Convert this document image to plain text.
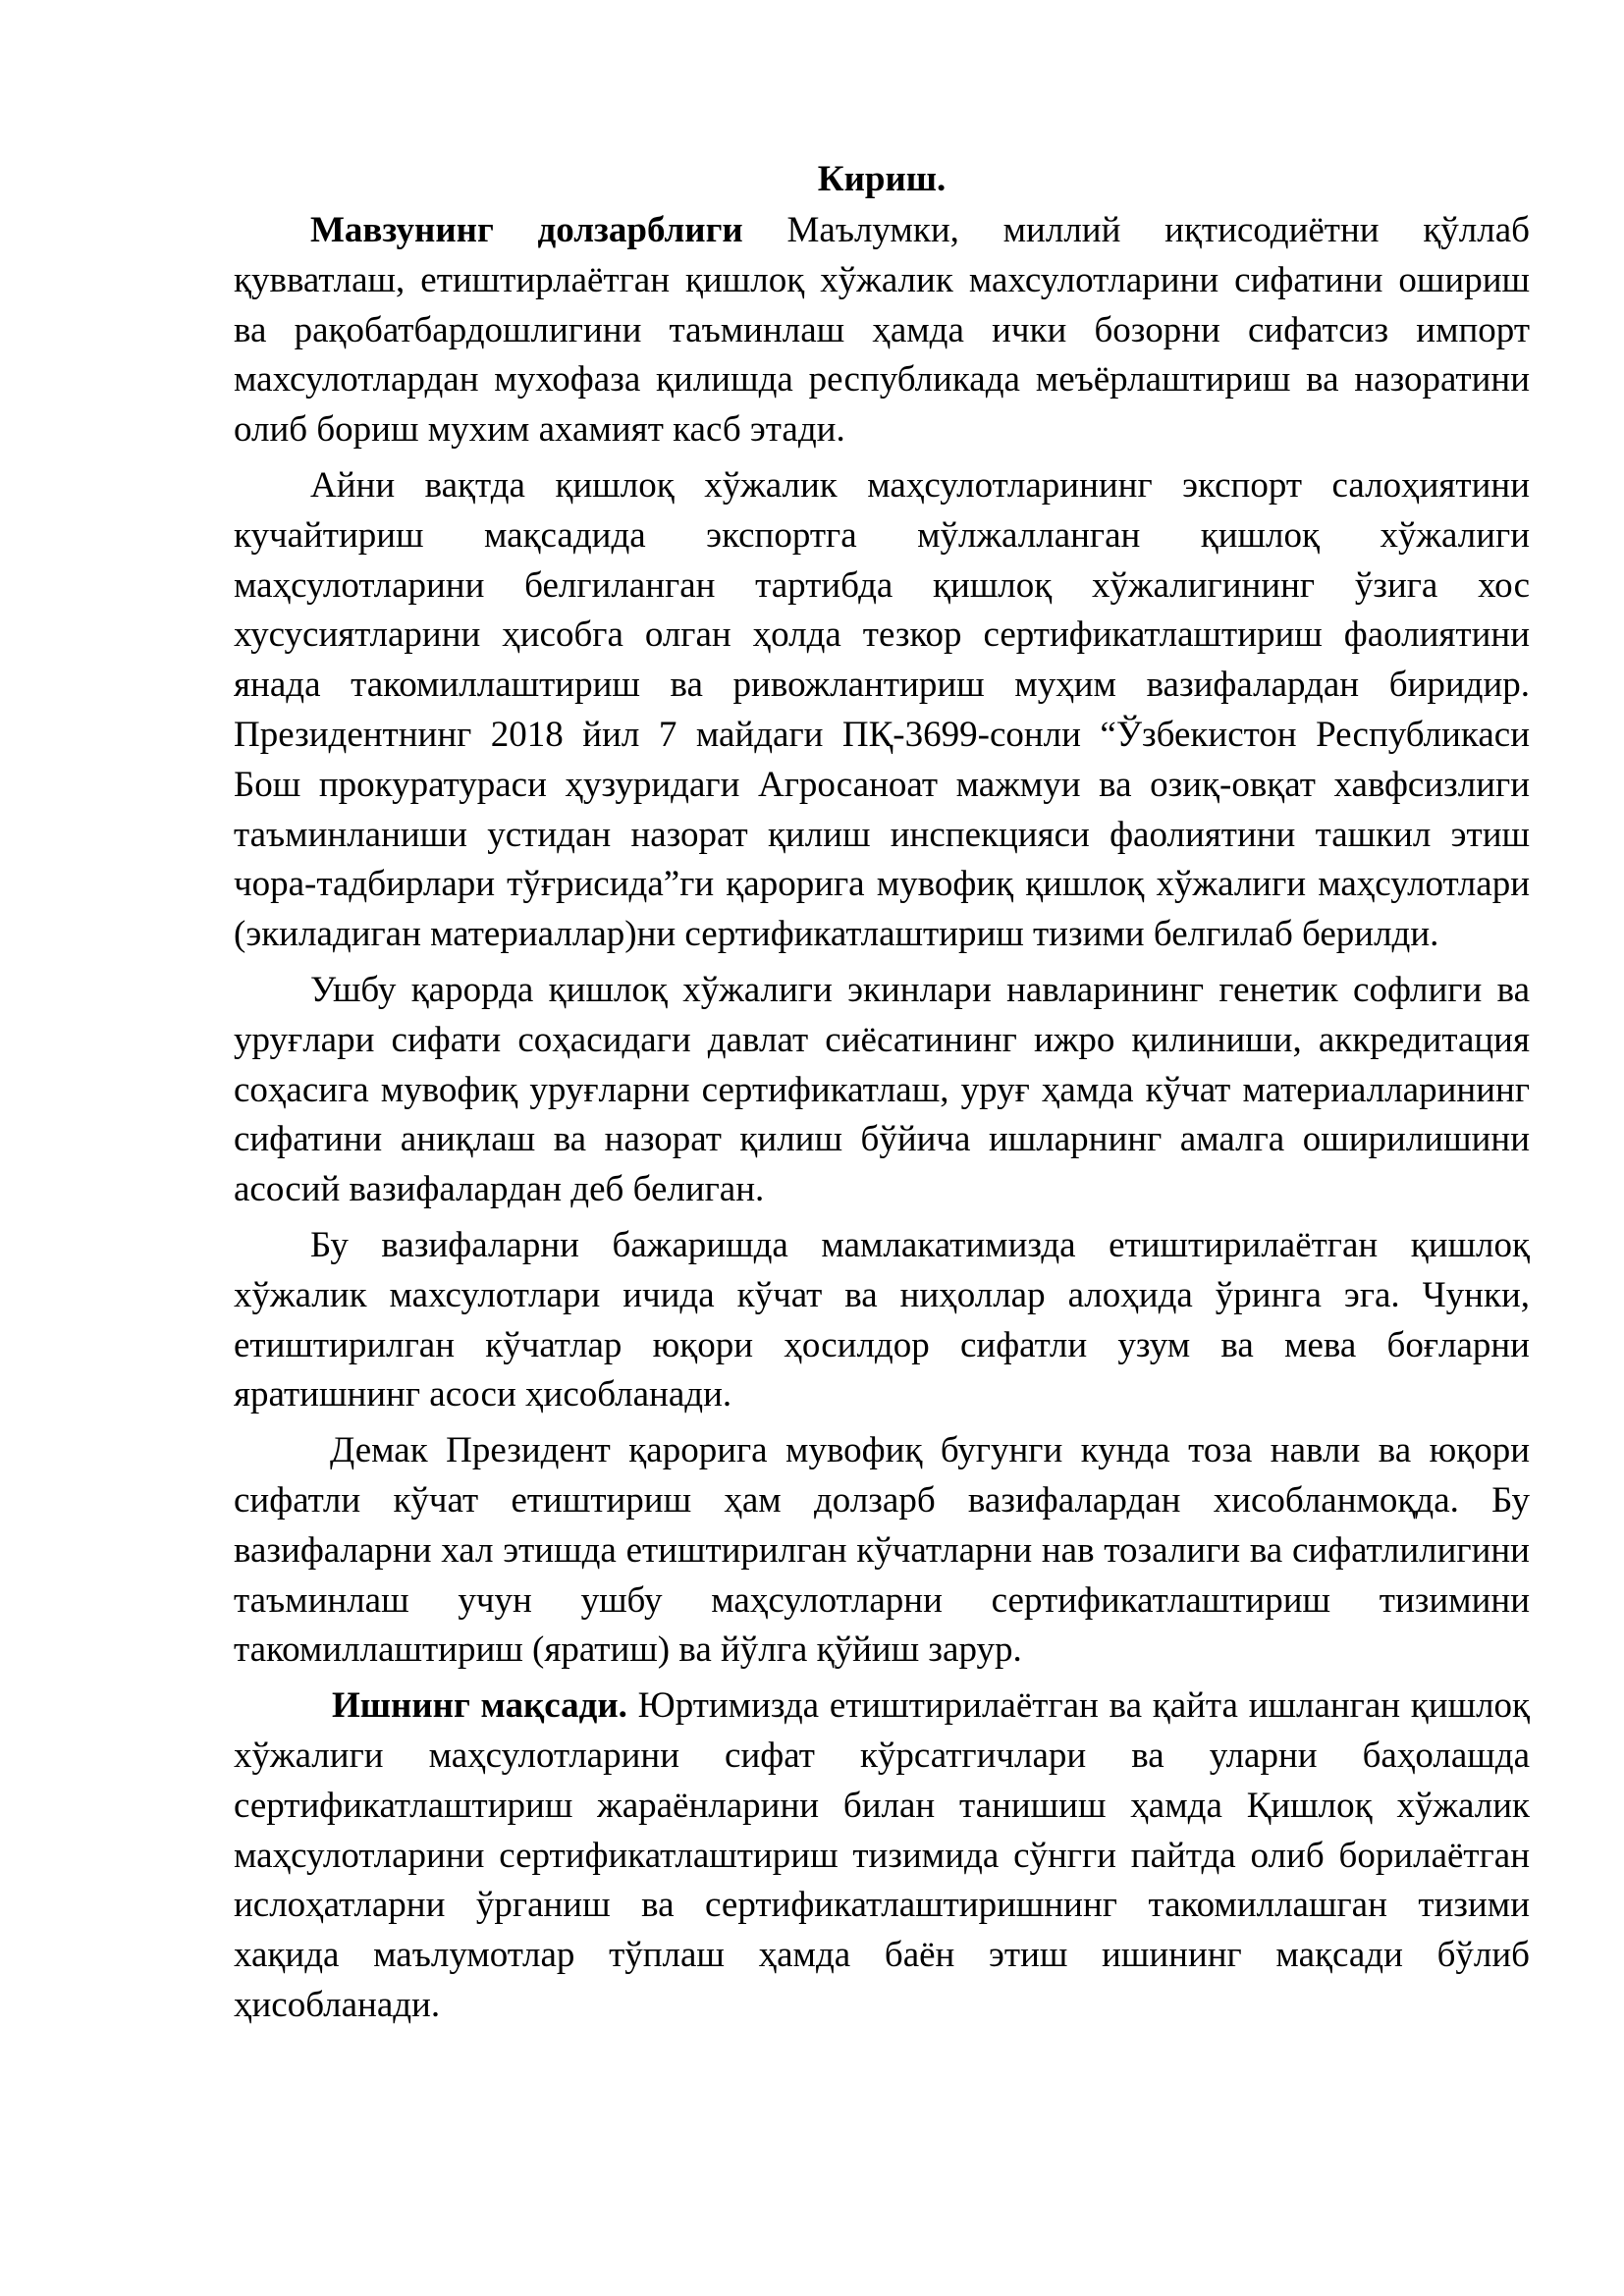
Кириш.

Мавзунинг долзарблиги Маълумки, миллий иқтисодиётни қўллаб қувватлаш, етиштирлаётган қишлоқ хўжалик махсулотларини сифатини ошириш ва рақобатбардошлигини таъминлаш ҳамда ички бозорни сифатсиз импорт махсулотлардан мухофаза қилишда республикада меъёрлаштириш ва назоратини олиб бориш мухим ахамият касб этади.

Айни вақтда қишлоқ хўжалик маҳсулотларининг экспорт салоҳиятини кучайтириш мақсадида экспортга мўлжалланган қишлоқ хўжалиги маҳсулотларини белгиланган тартибда қишлоқ хўжалигининг ўзига хос хусусиятларини ҳисобга олган ҳолда тезкор сертификатлаштириш фаолиятини янада такомиллаштириш ва ривожлантириш муҳим вазифалардан биридир. Президентнинг 2018 йил 7 майдаги ПҚ-3699-сонли “Ўзбекистон Республикаси Бош прокуратураси ҳузуридаги Агросаноат мажмуи ва озиқ-овқат хавфсизлиги таъминланиши устидан назорат қилиш инспекцияси фаолиятини ташкил этиш чора-тадбирлари тўғрисида”ги қарорига мувофиқ қишлоқ хўжалиги маҳсулотлари (экиладиган материаллар)ни сертификатлаштириш тизими белгилаб берилди.

Ушбу қарорда қишлоқ хўжалиги экинлари навларининг генетик софлиги ва уруғлари сифати соҳасидаги давлат сиёсатининг ижро қилиниши, аккредитация соҳасига мувофиқ уруғларни сертификатлаш, уруғ ҳамда кўчат материалларининг сифатини аниқлаш ва назорат қилиш бўйича ишларнинг амалга оширилишини асосий вазифалардан деб белиган.

Бу вазифаларни бажаришда мамлакатимизда етиштирилаётган қишлоқ хўжалик махсулотлари ичида кўчат ва ниҳоллар алоҳида ўринга эга. Чунки, етиштирилган кўчатлар юқори ҳосилдор сифатли узум ва мева боғларни яратишнинг асоси ҳисобланади.

Демак Президент қарорига мувофиқ бугунги кунда тоза навли ва юқори сифатли кўчат етиштириш ҳам долзарб вазифалардан хисобланмоқда. Бу вазифаларни хал этишда етиштирилган кўчатларни нав тозалиги ва сифатлилигини таъминлаш учун ушбу маҳсулотларни сертификатлаштириш тизимини такомиллаштириш (яратиш) ва йўлга қўйиш зарур.

Ишнинг мақсади. Юртимизда етиштирилаётган ва қайта ишланган қишлоқ хўжалиги маҳсулотларини сифат кўрсатгичлари ва уларни баҳолашда сертификатлаштириш жараёнларини билан танишиш ҳамда Қишлоқ хўжалик маҳсулотларини сертификатлаштириш тизимида сўнгги пайтда олиб борилаётган ислоҳатларни ўрганиш ва сертификатлаштиришнинг такомиллашган тизими хақида маълумотлар тўплаш ҳамда баён этиш ишининг мақсади бўлиб ҳисобланади.
